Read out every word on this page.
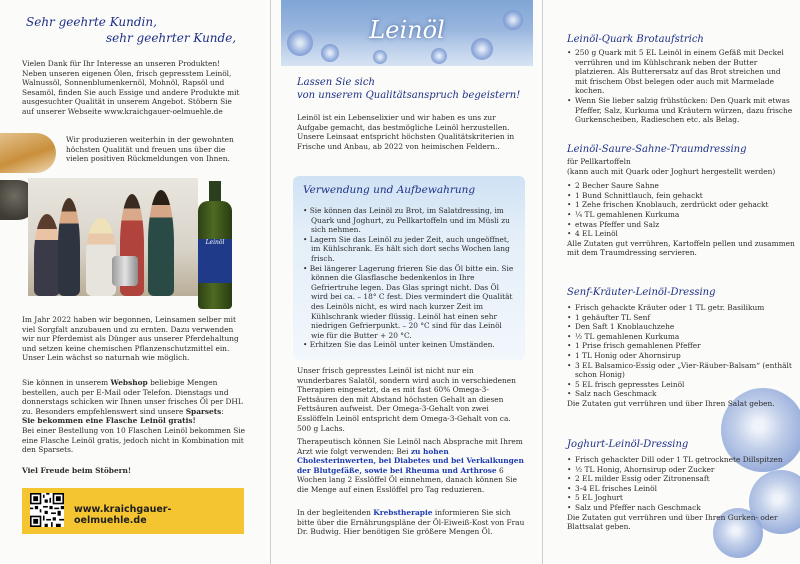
Sehr geehrte Kundin,
sehr geehrter Kunde,
Vielen Dank für Ihr Interesse an unseren Produkten! Neben unseren eigenen Ölen, frisch gepresstem Leinöl, Walnussöl, Sonnenblumenkernöl, Mohnöl, Rapsöl und Sesamöl, finden Sie auch Essige und andere Produkte mit ausgesuchter Qualität in unserem Angebot. Stöbern Sie auf unserer Webseite www.kraichgauer-oelmuehle.de
Wir produzieren weiterhin in der gewohnten höchsten Qualität und freuen uns über die vielen positiven Rückmeldungen von Ihnen.
Leinöl
Im Jahr 2022 haben wir begonnen, Leinsamen selber mit viel Sorgfalt anzubauen und zu ernten. Dazu verwenden wir nur Pferdemist als Dünger aus unserer Pferdehaltung und setzen keine chemischen Pflanzenschutzmittel ein. Unser Lein wächst so naturnah wie möglich.
Sie können in unserem Webshop beliebige Mengen bestellen, auch per E-Mail oder Telefon. Dienstags und donnerstags schicken wir Ihnen unser frisches Öl per DHL zu. Besonders empfehlenswert sind unsere Sparsets:
Sie bekommen eine Flasche Leinöl gratis!
Bei einer Bestellung von 10 Flaschen Leinöl bekommen Sie eine Flasche Leinöl gratis, jedoch nicht in Kombination mit den Sparsets.
Viel Freude beim Stöbern!
www.kraichgauer-oelmuehle.de
Leinöl
Lassen Sie sich
von unserem Qualitätsanspruch begeistern!
Leinöl ist ein Lebenselixier und wir haben es uns zur Aufgabe gemacht, das bestmögliche Leinöl herzustellen. Unsere Leinsaat entspricht höchsten Qualitätskriterien in Frische und Anbau, ab 2022 von heimischen Feldern..
Verwendung und Aufbewahrung

• Sie können das Leinöl zu Brot, im Salatdressing, im Quark und Joghurt, zu Pellkartoffeln und im Müsli zu sich nehmen.

• Lagern Sie das Leinöl zu jeder Zeit, auch ungeöffnet, im Kühlschrank. Es hält sich dort sechs Wochen lang frisch.

• Bei längerer Lagerung frieren Sie das Öl bitte ein. Sie können die Glasflasche bedenkenlos in Ihre Gefriertruhe legen. Das Glas springt nicht. Das Öl wird bei ca. – 18° C fest. Dies vermindert die Qualität des Leinöls nicht, es wird nach kurzer Zeit im Kühlschrank wieder flüssig. Leinöl hat einen sehr niedrigen Gefrierpunkt. – 20 °C sind für das Leinöl wie für die Butter + 20 °C.

• Erhitzen Sie das Leinöl unter keinen Umständen.

Unser frisch gepresstes Leinöl ist nicht nur ein wunderbares Salatöl, sondern wird auch in verschiedenen Therapien eingesetzt, da es mit fast 60% Omega-3-Fettsäuren den mit Abstand höchsten Gehalt an diesen Fettsäuren aufweist. Der Omega-3-Gehalt von zwei Esslöffeln Leinöl entspricht dem Omega-3-Gehalt von ca. 500 g Lachs.
Therapeutisch können Sie Leinöl nach Absprache mit Ihrem Arzt wie folgt verwenden: Bei zu hohen Cholesterinwerten, bei Diabetes und bei Verkalkungen der Blutgefäße, sowie bei Rheuma und Arthrose 6 Wochen lang 2 Esslöffel Öl einnehmen, danach können Sie die Menge auf einen Esslöffel pro Tag reduzieren.
In der begleitenden Krebstherapie informieren Sie sich bitte über die Ernährungspläne der Öl-Eiweiß-Kost von Frau Dr. Budwig. Hier benötigen Sie größere Mengen Öl.
Leinöl-Quark Brotaufstrich
• 250 g Quark mit 5 EL Leinöl in einem Gefäß mit Deckel verrühren und im Kühlschrank neben der Butter platzieren. Als Butterersatz auf das Brot streichen und mit frischem Obst belegen oder auch mit Marmelade kochen.
• Wenn Sie lieber salzig frühstücken: Den Quark mit etwas Pfeffer, Salz, Kurkuma und Kräutern würzen, dazu frische Gurkenscheiben, Radieschen etc. als Belag.
Leinöl-Saure-Sahne-Traumdressing
für Pellkartoffeln
(kann auch mit Quark oder Joghurt hergestellt werden)
• 2 Becher Saure Sahne
• 1 Bund Schnittlauch, fein gehackt
• 1 Zehe frischen Knoblauch, zerdrückt oder gehackt
• ¼ TL gemahlenen Kurkuma
• etwas Pfeffer und Salz
• 4 EL Leinöl
Alle Zutaten gut verrühren, Kartoffeln pellen und zusammen mit dem Traumdressing servieren.
Senf-Kräuter-Leinöl-Dressing
• Frisch gehackte Kräuter oder 1 TL getr. Basilikum
• 1 gehäufter TL Senf
• Den Saft 1 Knoblauchzehe
• ½ TL gemahlenen Kurkuma
• 1 Prise frisch gemahlenen Pfeffer
• 1 TL Honig oder Ahornsirup
• 3 EL Balsamico-Essig oder „Vier-Räuber-Balsam“ (enthält schon Honig)
• 5 EL frisch gepresstes Leinöl
• Salz nach Geschmack
Die Zutaten gut verrühren und über Ihren Salat geben.
Joghurt-Leinöl-Dressing
• Frisch gehackter Dill oder 1 TL getrocknete Dillspitzen
• ½ TL Honig, Ahornsirup oder Zucker
• 2 EL milder Essig oder Zitronensaft
• 3-4 EL frisches Leinöl
• 5 EL Joghurt
• Salz und Pfeffer nach Geschmack
Die Zutaten gut verrühren und über Ihren Gurken- oder Blattsalat geben.
